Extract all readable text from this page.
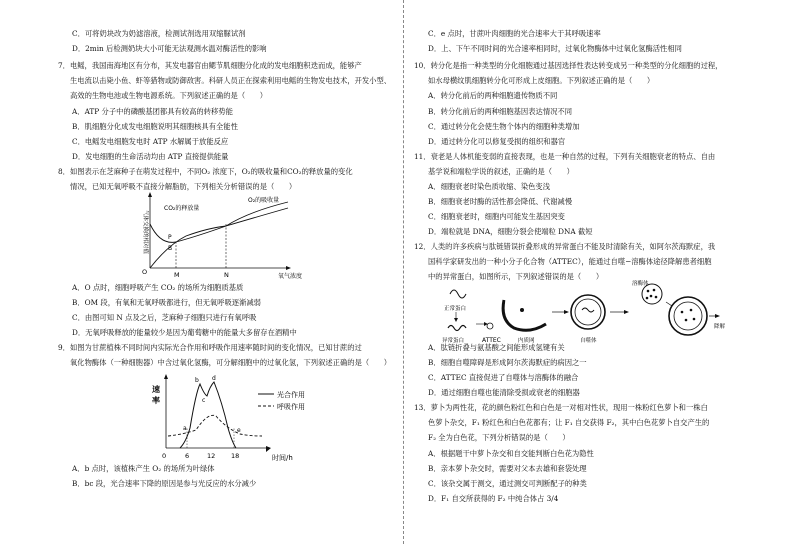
C．可将奶块改为奶滤溶液，检测试剂选用双缩脲试剂
D．2min 后检测奶块大小可能无法观测水温对酶活性的影响
7．电鳐，我国南海地区有分布，其发电器官由鳃节肌细胞分化成的发电细胞积迭而成，能够产
生电流以击毙小鱼、虾等猎物或防御敌害。科研人员正在探索利用电鳐的生物发电技术，开发小型、
高效的生物电池或生物电源系统。下列叙述正确的是（　　）
A．ATP 分子中的磷酸基团都具有较高的转移势能
B．肌细胞分化成发电细胞说明其细胞核具有全能性
C．电鳐发电细胞发电时 ATP 水解属于放能反应
D．发电细胞的生命活动均由 ATP 直接提供能量
8．如图表示在芝麻种子在萌发过程中，不同O₂ 浓度下，O₂的吸收量和CO₂的释放量的变化
情况，已知无氧呼吸不直接分解脂肪，下列相关分析错误的是（　　）
气体交换的相对值
氧气浓度
O	M	N
CO₂的释放量
O₂的吸收量
P
B
A．O 点时，细胞呼吸产生 CO₂ 的场所为细胞质基质
B．OM 段，有氧和无氧呼吸都进行，但无氧呼吸逐渐减弱
C．由图可知 N 点及之后，芝麻种子细胞只进行有氧呼吸
D．无氧呼吸释放的能量较少是因为葡萄糖中的能量大多留存在酒精中
9．如图为甘蔗植株不同时间内实际光合作用和呼吸作用速率随时间的变化情况，已知甘蔗的过
氧化物酶体（一种细胞器）中含过氧化氢酶，可分解细胞中的过氧化氢，下列叙述正确的是（　　）
速
率
0	6	12 18	时间/h
a
b
c
d
e
光合作用
呼吸作用
A．b 点时，该植株产生 O₂ 的场所为叶绿体
B．bc 段，光合速率下降的原因是参与光反应的水分减少
C．e 点时，甘蔗叶肉细胞的光合速率大于其呼吸速率
D．上、下午不同时间的光合速率相同时，过氧化物酶体中过氧化氢酶活性相同
10．转分化是指一种类型的分化细胞通过基因选择性表达转变成另一种类型的分化细胞的过程，
如水母横纹肌细胞转分化可形成上皮细胞。下列叙述正确的是（　　）
A．转分化前后的两种细胞遗传物质不同
B．转分化前后的两种细胞基因表达情况不同
C．通过转分化会使生物个体内的细胞种类增加
D．通过转分化可以修复受损的组织和器官
11．衰老是人体机能变弱的直接表现，也是一种自然的过程，下列有关细胞衰老的特点、自由
基学说和端粒学说的叙述，正确的是（　　）
A．细胞衰老时染色质收缩、染色变浅
B．细胞衰老时酶的活性都会降低、代谢减慢
C．细胞衰老时，细胞内可能发生基因突变
D．端粒就是 DNA，细胞分裂会使端粒 DNA 截短
12．人类的许多疾病与肽链错误折叠形成的异常蛋白不能及时清除有关，如阿尔茨海默症，我
国科学家研发出的一种小分子化合物（ATTEC），能通过自噬−溶酶体途径降解患者细胞
中的异常蛋白，如图所示，下列叙述错误的是（　　）
正常蛋白
异常蛋白	ATTEC	内质网	自噬体
溶酶体
降解
A．肽链折叠与氨基酸之间能形成氢键有关
B．细胞自噬障碍是形成阿尔茨海默症的病因之一
C．ATTEC 直接促进了自噬体与溶酶体的融合
D．通过细胞自噬也能清除受损或衰老的细胞器
13．萝卜为两性花，花的颜色粉红色和白色是一对相对性状，现用一株粉红色萝卜和一株白
色萝卜杂交，F₁ 粉红色和白色花都有；让 F₁ 自交获得 F₂，其中白色花萝卜自交产生的
F₂ 全为白色花，下列分析错误的是（　　）
A．根据题干中萝卜杂交和自交能判断白色花为隐性
B．亲本萝卜杂交时，需要对父本去雄和套袋处理
C．该杂交属于测交，通过测交可判断配子的种类
D．F₁ 自交所获得的 F₂ 中纯合体占 3/4
